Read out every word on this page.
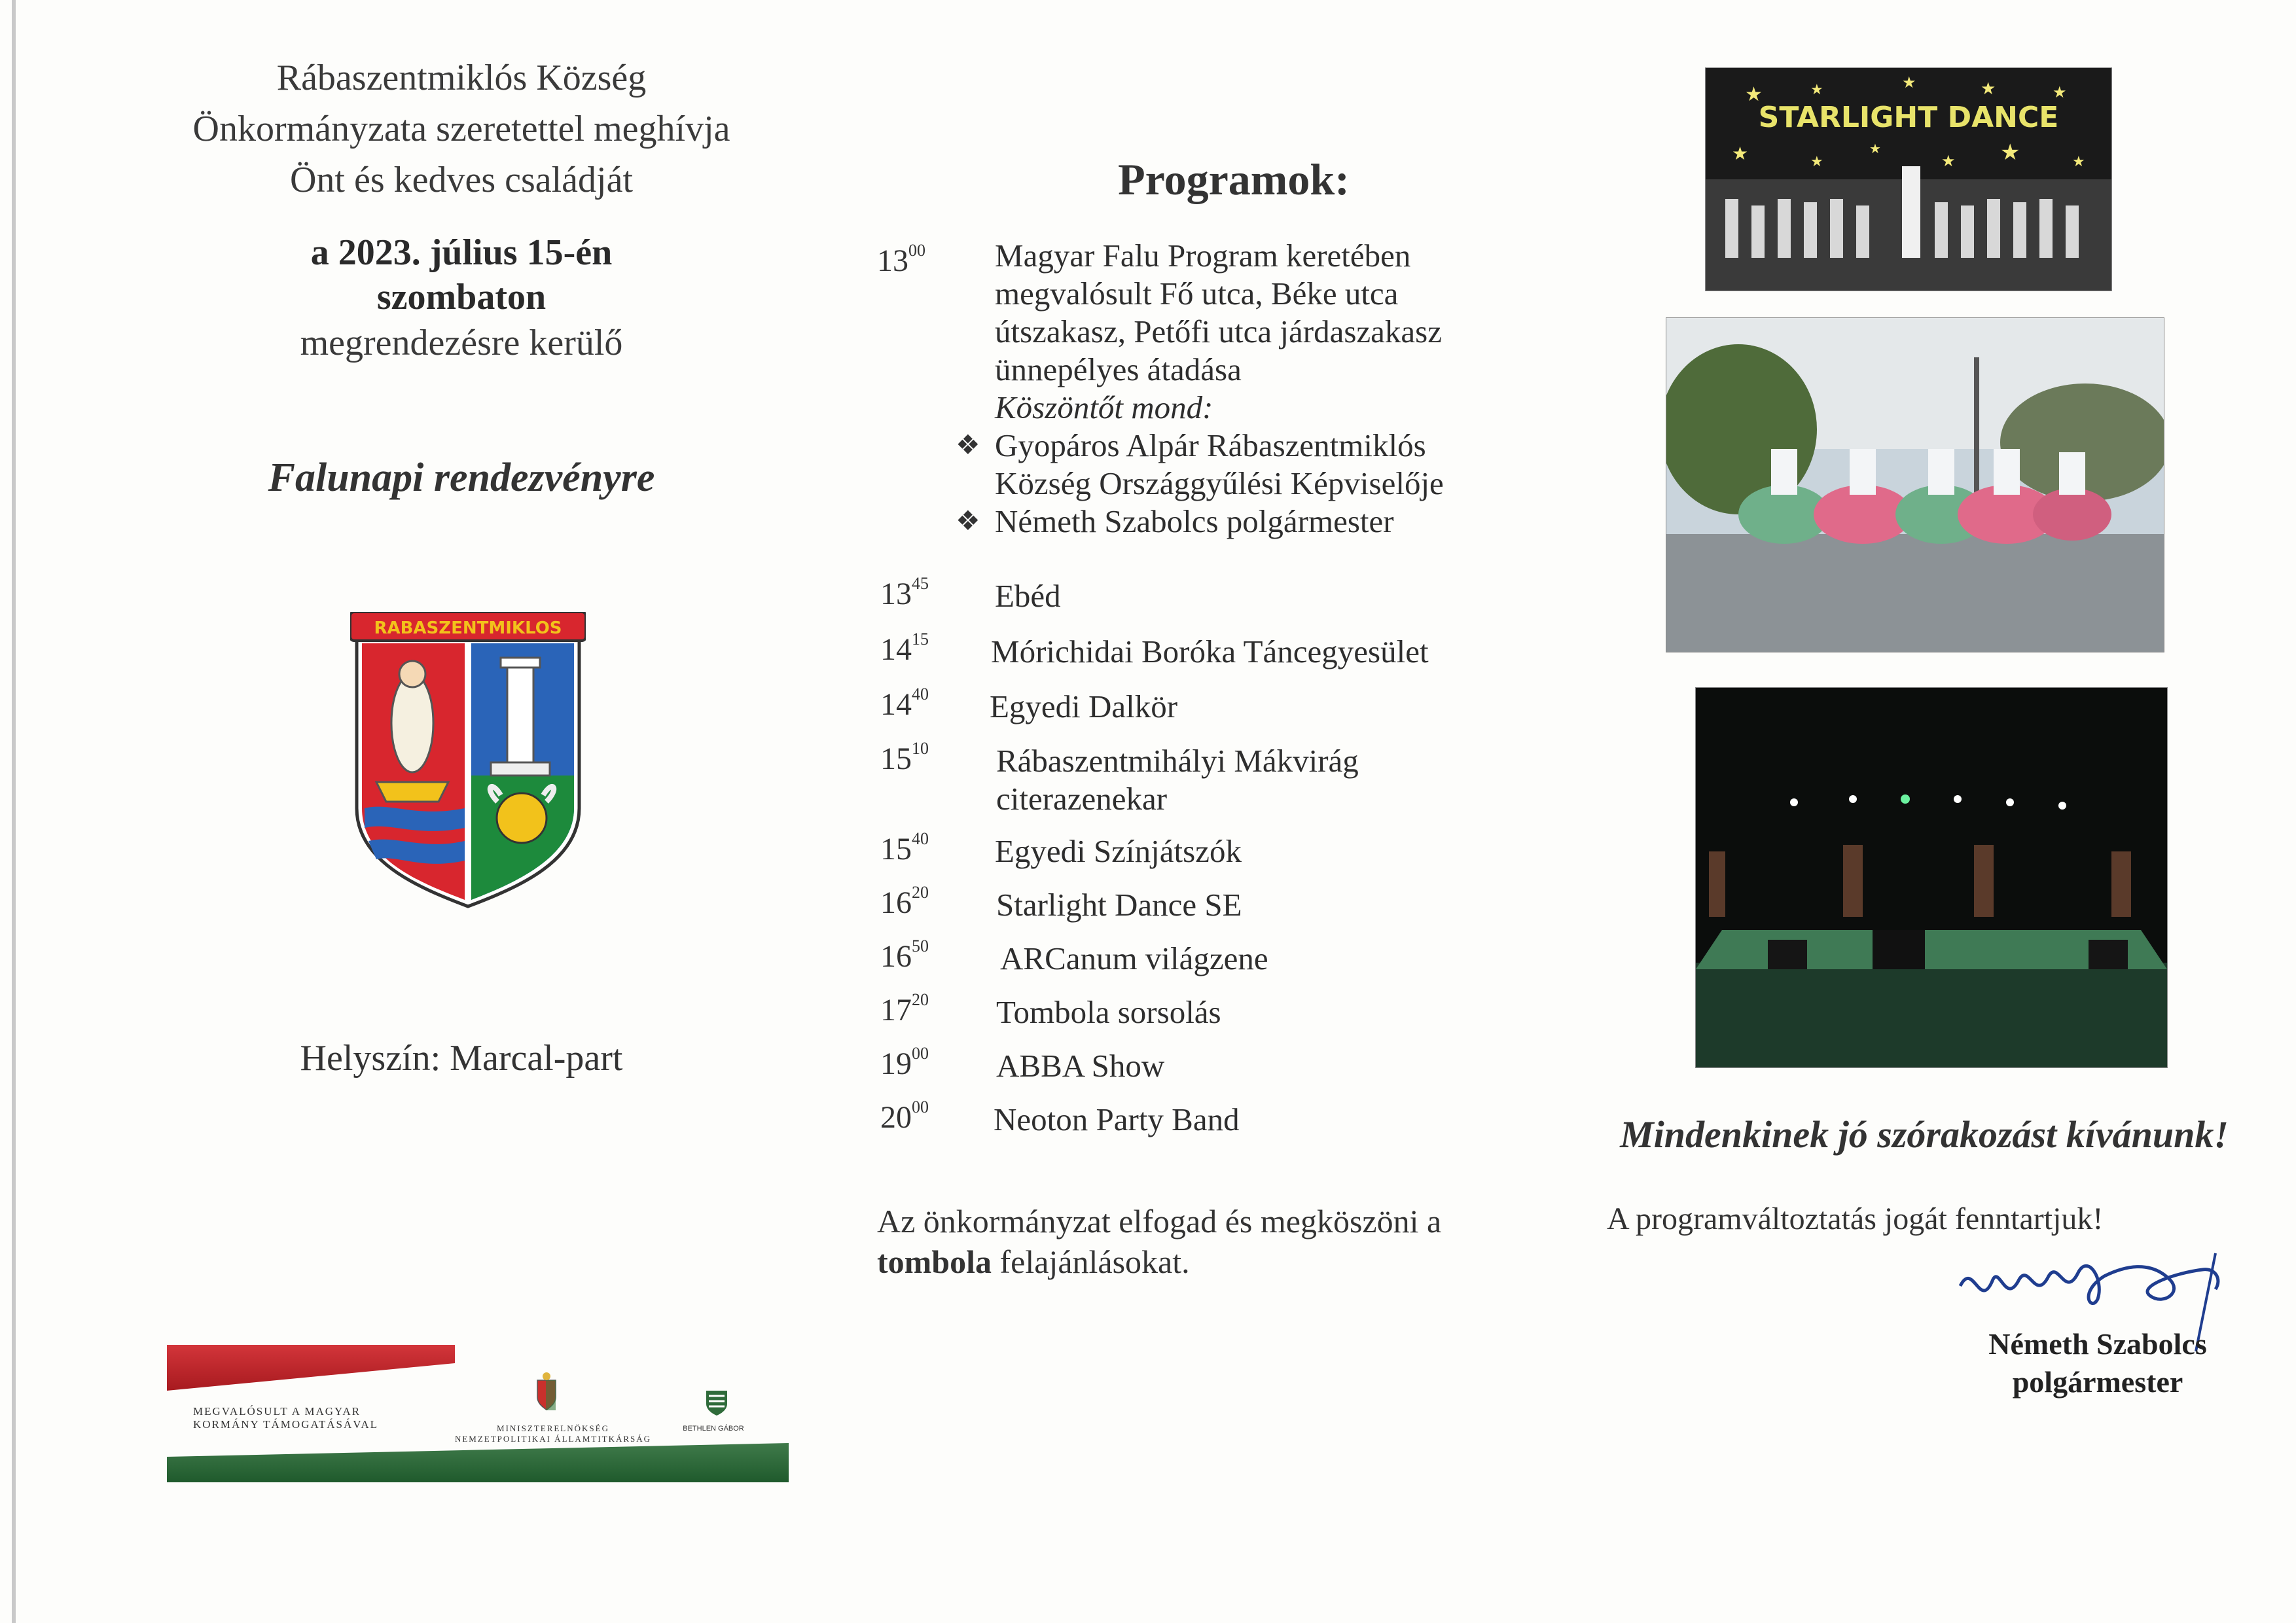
Rábaszentmiklós Község
Önkormányzata szeretettel meghívja
Önt és kedves családját
a 2023. július 15-én
szombaton
megrendezésre kerülő
Falunapi rendezvényre
RABASZENTMIKLOS
Helyszín: Marcal-part
MEGVALÓSULT A MAGYAR KORMÁNY TÁMOGATÁSÁVAL	MINISZTERELNÖKSÉG
NEMZETPOLITIKAI ÁLLAMTITKÁRSÁG
BETHLEN GÁBOR
Programok:
$13^{00}$ Magyar Falu Program keretében
megvalósult Fő utca, Béke utca
útszakasz, Petőfi utca járdaszakasz
ünnepélyes átadása
Köszöntőt mond:
Gyopáros Alpár Rábaszentmiklós
Község Országgyűlési Képviselője
Németh Szabolcs polgármester
❖
❖
$13^{45}$ Ebéd
$14^{15}$ Mórichidai Boróka Táncegyesület
$14^{40}$ Egyedi Dalkör
$15^{10}$ Rábaszentmihályi Mákvirág
citerazenekar
$15^{40}$ Egyedi Színjátszók
$16^{20}$ Starlight Dance SE
$16^{50}$ ARCanum világzene
$17^{20}$ Tombola sorsolás
$19^{00}$ ABBA Show
$20^{00}$ Neoton Party Band
Az önkormányzat elfogad és megköszöni a
tombola felajánlásokat.
★	★	★	★	★
★	★
★
★ ★	★
STARLIGHT DANCE
Mindenkinek jó szórakozást kívánunk!
A programváltoztatás jogát fenntartjuk!
Németh Szabolcs
polgármester
